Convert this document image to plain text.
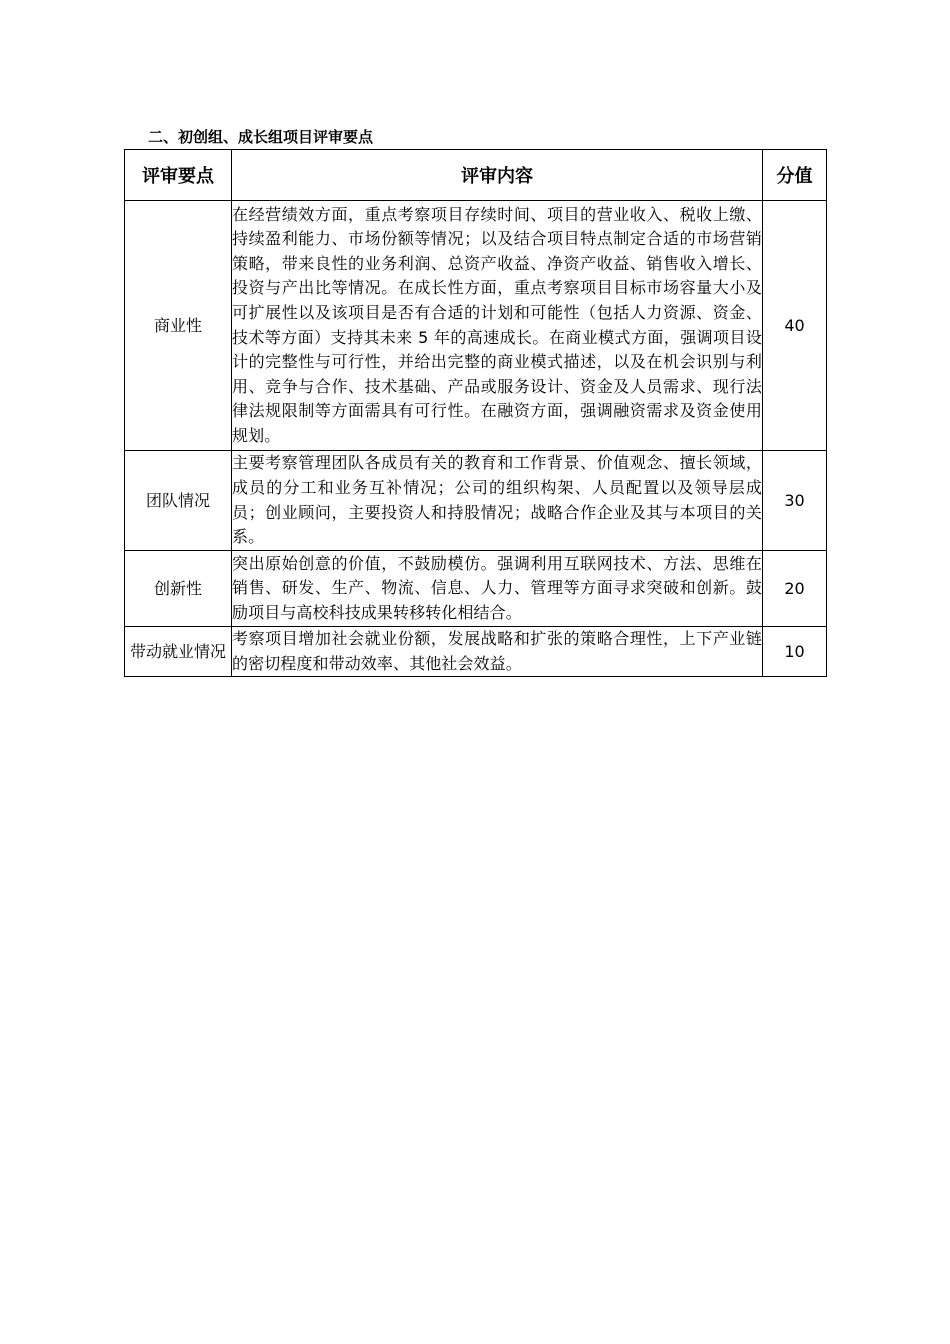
二、初创组、成长组项目评审要点
评审要点	评审内容	分值
商业性	在经营绩效方面，重点考察项目存续时间、项目的营业收入、税收上缴、持续盈利能力、市场份额等情况；以及结合项目特点制定合适的市场营销策略，带来良性的业务利润、总资产收益、净资产收益、销售收入增长、投资与产出比等情况。在成长性方面，重点考察项目目标市场容量大小及可扩展性以及该项目是否有合适的计划和可能性（包括人力资源、资金、技术等方面）支持其未来 5 年的高速成长。在商业模式方面，强调项目设计的完整性与可行性，并给出完整的商业模式描述，以及在机会识别与利用、竞争与合作、技术基础、产品或服务设计、资金及人员需求、现行法律法规限制等方面需具有可行性。在融资方面，强调融资需求及资金使用规划。	40
团队情况	主要考察管理团队各成员有关的教育和工作背景、价值观念、擅长领域，成员的分工和业务互补情况；公司的组织构架、人员配置以及领导层成员；创业顾问，主要投资人和持股情况；战略合作企业及其与本项目的关系。	30
创新性	突出原始创意的价值，不鼓励模仿。强调利用互联网技术、方法、思维在销售、研发、生产、物流、信息、人力、管理等方面寻求突破和创新。鼓励项目与高校科技成果转移转化相结合。	20
带动就业情况	考察项目增加社会就业份额，发展战略和扩张的策略合理性，上下产业链的密切程度和带动效率、其他社会效益。	10
